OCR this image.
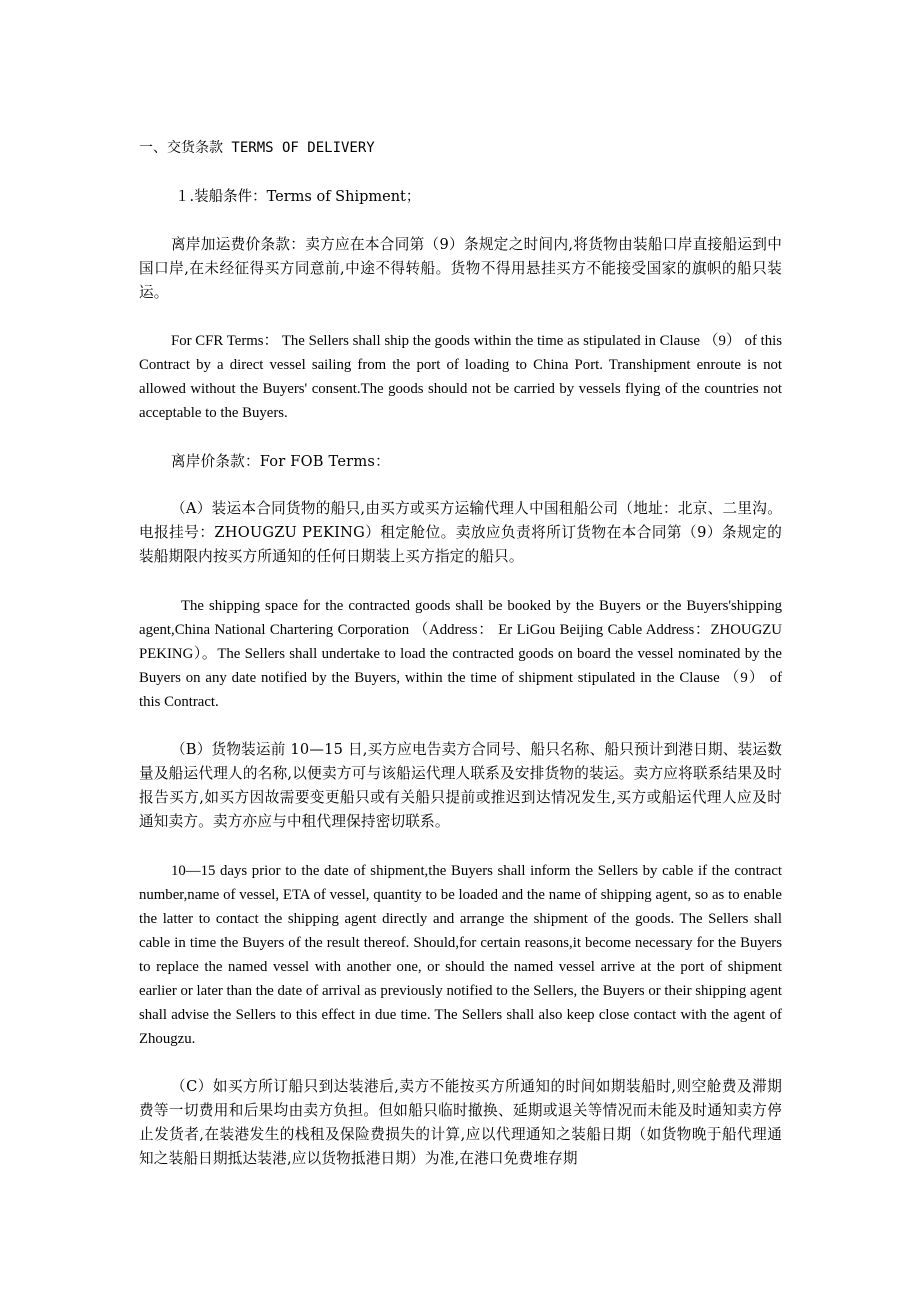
一、交货条款 TERMS OF DELIVERY
１.装船条件：Terms of Shipment；

离岸加运费价条款：卖方应在本合同第（9）条规定之时间内,将货物由装船口岸直接船运到中国口岸,在未经征得买方同意前,中途不得转船。货物不得用悬挂买方不能接受国家的旗帜的船只装运。

For CFR Terms： The Sellers shall ship the goods within the time as stipulated in Clause （9） of this Contract by a direct vessel sailing from the port of loading to China Port. Transhipment enroute is not allowed without the Buyers' consent.The goods should not be carried by vessels flying of the countries not acceptable to the Buyers.

离岸价条款：For FOB Terms：

（A）装运本合同货物的船只,由买方或买方运输代理人中国租船公司（地址：北京、二里沟。电报挂号：ZHOUGZU PEKING）租定舱位。卖放应负责将所订货物在本合同第（9）条规定的装船期限内按买方所通知的任何日期装上买方指定的船只。

The shipping space for the contracted goods shall be booked by the Buyers or the Buyers'shipping agent,China National Chartering Corporation （Address： Er LiGou Beijing Cable Address：ZHOUGZU PEKING）。The Sellers shall undertake to load the contracted goods on board the vessel nominated by the Buyers on any date notified by the Buyers, within the time of shipment stipulated in the Clause （9） of this Contract.

（B）货物装运前 10—15 日,买方应电告卖方合同号、船只名称、船只预计到港日期、装运数量及船运代理人的名称,以便卖方可与该船运代理人联系及安排货物的装运。卖方应将联系结果及时报告买方,如买方因故需要变更船只或有关船只提前或推迟到达情况发生,买方或船运代理人应及时通知卖方。卖方亦应与中租代理保持密切联系。

10—15 days prior to the date of shipment,the Buyers shall inform the Sellers by cable if the contract number,name of vessel, ETA of vessel, quantity to be loaded and the name of shipping agent, so as to enable the latter to contact the shipping agent directly and arrange the shipment of the goods. The Sellers shall cable in time the Buyers of the result thereof. Should,for certain reasons,it become necessary for the Buyers to replace the named vessel with another one, or should the named vessel arrive at the port of shipment earlier or later than the date of arrival as previously notified to the Sellers, the Buyers or their shipping agent shall advise the Sellers to this effect in due time. The Sellers shall also keep close contact with the agent of Zhougzu.

（C）如买方所订船只到达装港后,卖方不能按买方所通知的时间如期装船时,则空舱费及滞期费等一切费用和后果均由卖方负担。但如船只临时撤换、延期或退关等情况而未能及时通知卖方停止发货者,在装港发生的栈租及保险费损失的计算,应以代理通知之装船日期（如货物晚于船代理通知之装船日期抵达装港,应以货物抵港日期）为准,在港口免费堆存期
